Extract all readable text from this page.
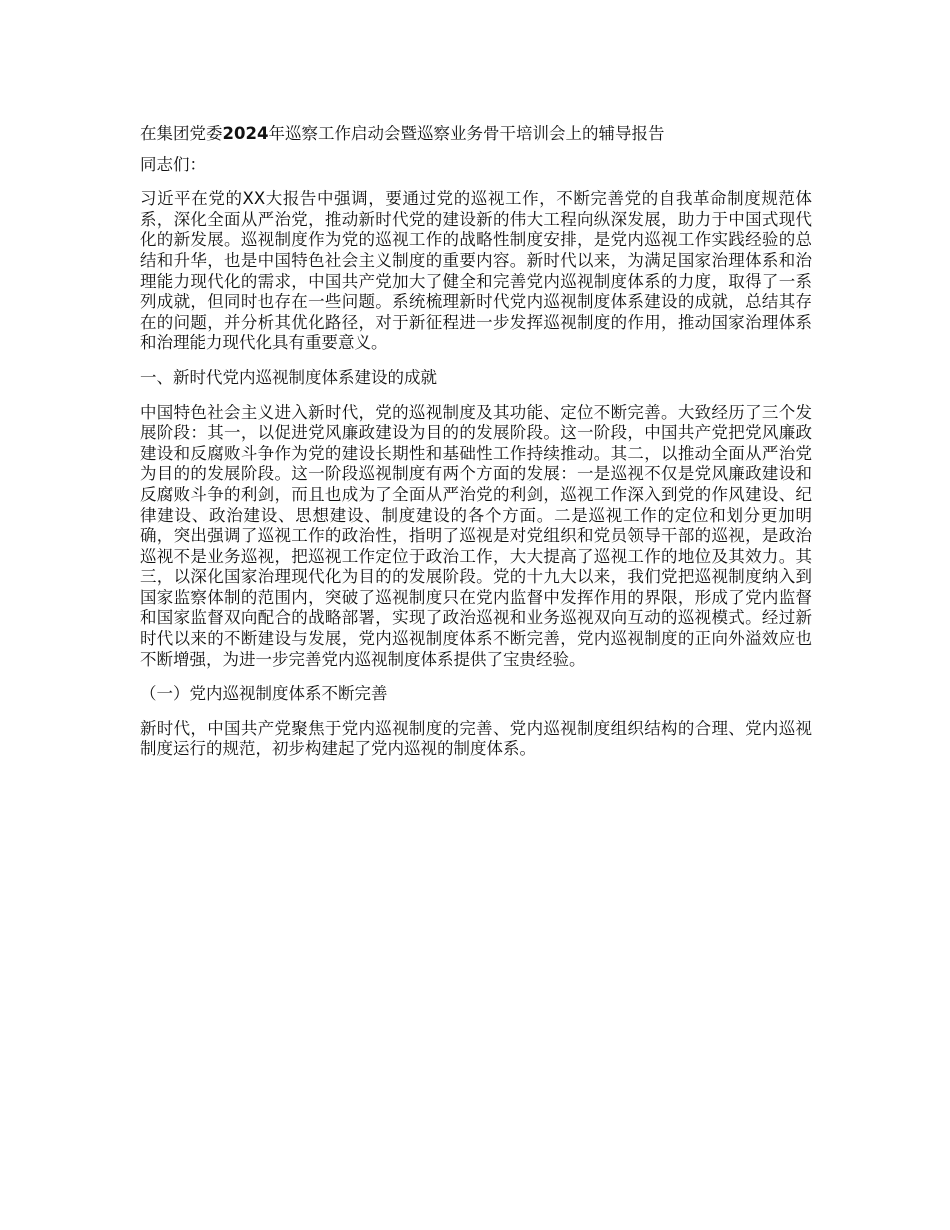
在集团党委2024年巡察工作启动会暨巡察业务骨干培训会上的辅导报告

同志们：

习近平在党的XX大报告中强调，要通过党的巡视工作，不断完善党的自我革命制度规范体系，深化全面从严治党，推动新时代党的建设新的伟大工程向纵深发展，助力于中国式现代化的新发展。巡视制度作为党的巡视工作的战略性制度安排，是党内巡视工作实践经验的总结和升华，也是中国特色社会主义制度的重要内容。新时代以来，为满足国家治理体系和治理能力现代化的需求，中国共产党加大了健全和完善党内巡视制度体系的力度，取得了一系列成就，但同时也存在一些问题。系统梳理新时代党内巡视制度体系建设的成就，总结其存在的问题，并分析其优化路径，对于新征程进一步发挥巡视制度的作用，推动国家治理体系和治理能力现代化具有重要意义。

一、新时代党内巡视制度体系建设的成就

中国特色社会主义进入新时代，党的巡视制度及其功能、定位不断完善。大致经历了三个发展阶段：其一，以促进党风廉政建设为目的的发展阶段。这一阶段，中国共产党把党风廉政建设和反腐败斗争作为党的建设长期性和基础性工作持续推动。其二，以推动全面从严治党为目的的发展阶段。这一阶段巡视制度有两个方面的发展：一是巡视不仅是党风廉政建设和反腐败斗争的利剑，而且也成为了全面从严治党的利剑，巡视工作深入到党的作风建设、纪律建设、政治建设、思想建设、制度建设的各个方面。二是巡视工作的定位和划分更加明确，突出强调了巡视工作的政治性，指明了巡视是对党组织和党员领导干部的巡视，是政治巡视不是业务巡视，把巡视工作定位于政治工作，大大提高了巡视工作的地位及其效力。其三，以深化国家治理现代化为目的的发展阶段。党的十九大以来，我们党把巡视制度纳入到国家监察体制的范围内，突破了巡视制度只在党内监督中发挥作用的界限，形成了党内监督和国家监督双向配合的战略部署，实现了政治巡视和业务巡视双向互动的巡视模式。经过新时代以来的不断建设与发展，党内巡视制度体系不断完善，党内巡视制度的正向外溢效应也不断增强，为进一步完善党内巡视制度体系提供了宝贵经验。

（一）党内巡视制度体系不断完善

新时代，中国共产党聚焦于党内巡视制度的完善、党内巡视制度组织结构的合理、党内巡视制度运行的规范，初步构建起了党内巡视的制度体系。
